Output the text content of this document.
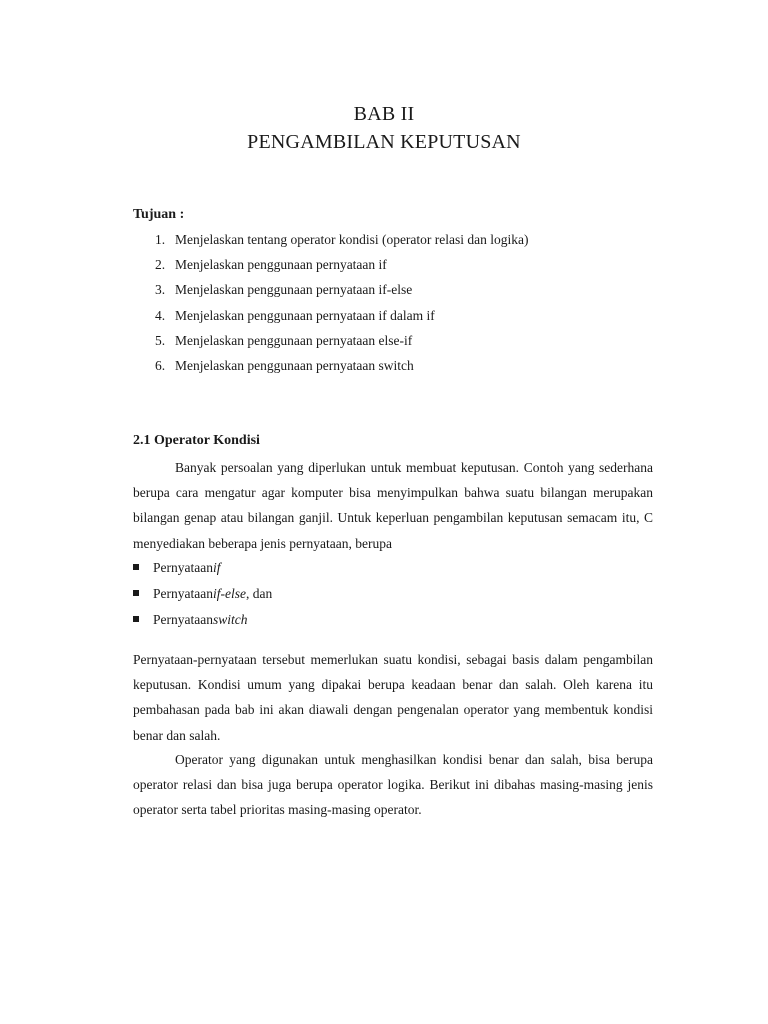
BAB II
PENGAMBILAN KEPUTUSAN
Tujuan :
1. Menjelaskan tentang operator kondisi (operator relasi dan logika)
2. Menjelaskan penggunaan pernyataan if
3. Menjelaskan penggunaan pernyataan if-else
4. Menjelaskan penggunaan pernyataan if dalam if
5. Menjelaskan penggunaan pernyataan else-if
6. Menjelaskan penggunaan pernyataan switch
2.1 Operator Kondisi

Banyak persoalan yang diperlukan untuk membuat keputusan. Contoh yang sederhana berupa cara mengatur agar komputer bisa menyimpulkan bahwa suatu bilangan merupakan bilangan genap atau bilangan ganjil. Untuk keperluan pengambilan keputusan semacam itu, C menyediakan beberapa jenis pernyataan, berupa

Pernyataan if
Pernyataan if-else , dan
Pernyataan switch

Pernyataan-pernyataan tersebut memerlukan suatu kondisi, sebagai basis dalam pengambilan keputusan. Kondisi umum yang dipakai berupa keadaan benar dan salah. Oleh karena itu pembahasan pada bab ini akan diawali dengan pengenalan operator yang membentuk kondisi benar dan salah.

Operator yang digunakan untuk menghasilkan kondisi benar dan salah, bisa berupa operator relasi dan bisa juga berupa operator logika. Berikut ini dibahas masing-masing jenis operator serta tabel prioritas masing-masing operator.
